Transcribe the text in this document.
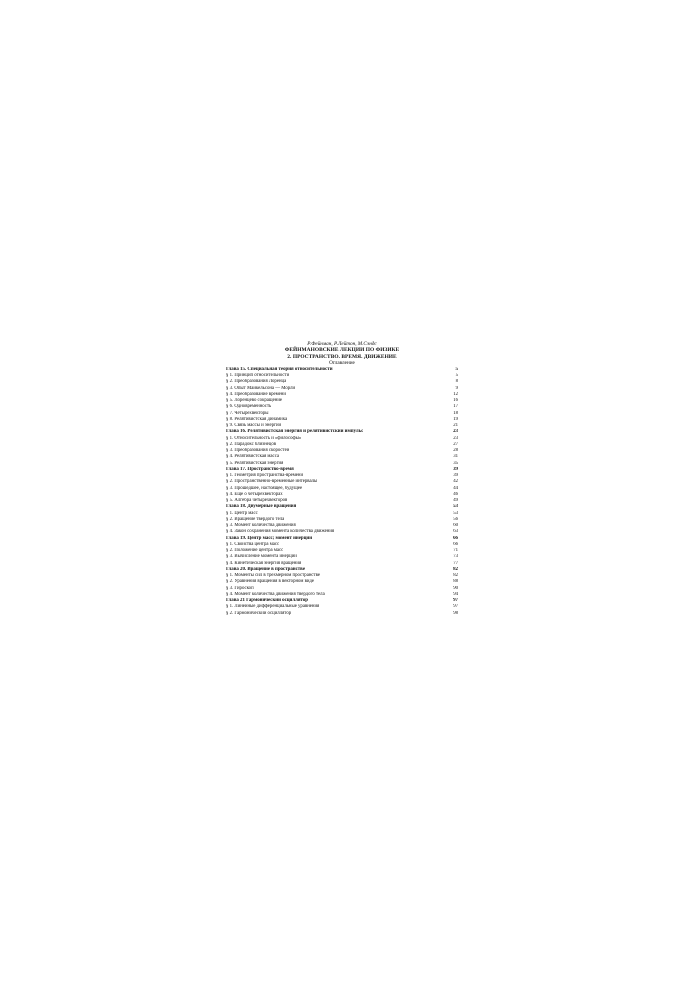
Р.Фейнман, Р.Лейтон, М.Сэндс
ФЕЙНМАНОВСКИЕ ЛЕКЦИИ ПО ФИЗИКЕ
2. ПРОСТРАНСТВО. ВРЕМЯ. ДВИЖЕНИЕ
Оглавление
Глава 15. Специальная теория относительности	5
§ 1. Принцип относительности	5
§ 2. Преобразования Лоренца	8
§ 3. Опыт Майкельсона — Морли	9
§ 4. Преобразование времени	12
§ 5. Лоренцево сокращение	16
§ 6. Одновременность	17
§ 7. Четырехвекторы	18
§ 8. Релятивистская динамика	19
§ 9. Связь массы и энергии	21
Глава 16. Релятивистская энергия и релятивистский импульс	23
§ 1. Относительность и «философы»	23
§ 2. Парадокс близнецов	27
§ 3. Преобразования скоростей	28
§ 4. Релятивистская масса	31
§ 5. Релятивистская энергия	35
Глава 17. Пространство-время	39
§ 1. Геометрия пространства-времени	39
§ 2. Пространственно-временные интервалы	42
§ 3. Прошедшее, настоящее, будущее	44
§ 4. Еще о четырехвекторах	46
§ 5. Алгебра четырехвекторов	49
Глава 18. Двумерные вращения	53
§ 1. Центр масс	53
§ 2. Вращение твердого тела	56
§ 3. Момент количества движения	60
§ 4. Закон сохранения момента количества движения	63
Глава 19. Центр масс; момент инерции	66
§ 1. Свойства центра масс	66
§ 2. Положение центра масс	71
§ 3. Вычисление момента инерции	73
§ 4. Кинетическая энергия вращения	77
Глава 20. Вращение в пространстве	82
§ 1. Моменты сил в трехмерном пространстве	82
§ 2. Уравнения вращения в векторном виде	88
§ 3. Гироскоп	90
§ 4. Момент количества движения твердого тела	94
Глава 21 Гармонический осциллятор	97
§ 1. Линейные дифференциальные уравнения	97
§ 2. Гармонический осциллятор	98
